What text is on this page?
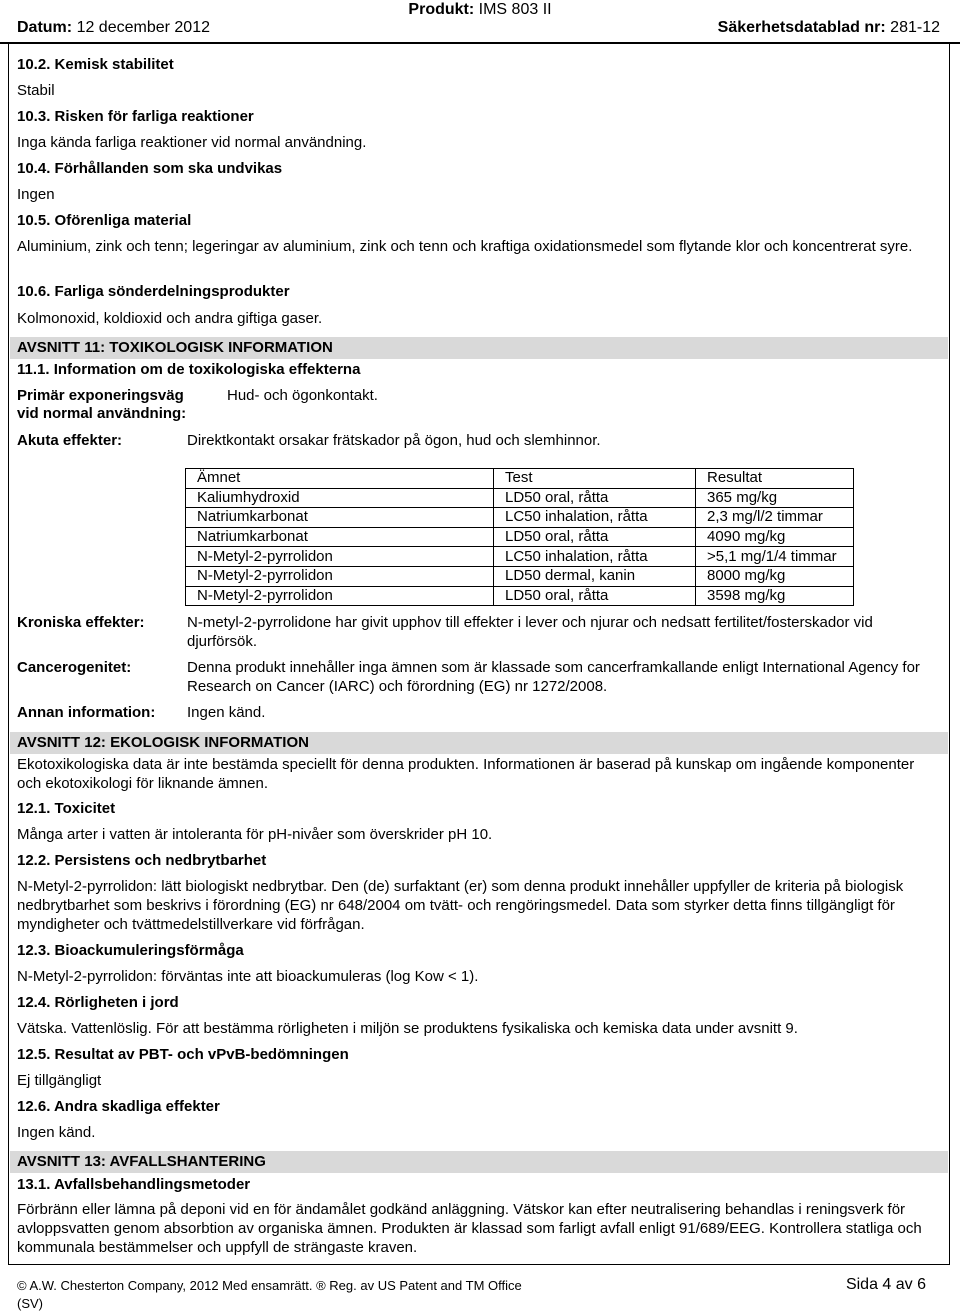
Produkt: IMS 803 II
Datum: 12 december 2012	Säkerhetsdatablad nr: 281-12
10.2. Kemisk stabilitet
Stabil
10.3. Risken för farliga reaktioner
Inga kända farliga reaktioner vid normal användning.
10.4. Förhållanden som ska undvikas
Ingen
10.5. Oförenliga material
Aluminium, zink och tenn; legeringar av aluminium, zink och tenn och kraftiga oxidationsmedel som flytande klor och koncentrerat syre.
10.6. Farliga sönderdelningsprodukter
Kolmonoxid, koldioxid och andra giftiga gaser.
AVSNITT 11: TOXIKOLOGISK INFORMATION
11.1. Information om de toxikologiska effekterna
Primär exponeringsväg
vid normal användning:
Hud- och ögonkontakt.
Akuta effekter:	Direktkontakt orsakar frätskador på ögon, hud och slemhinnor.
Ämnet	Test	Resultat
Kaliumhydroxid	LD50 oral, råtta	365 mg/kg
Natriumkarbonat	LC50 inhalation, råtta	2,3 mg/l/2 timmar
Natriumkarbonat	LD50 oral, råtta	4090 mg/kg
N-Metyl-2-pyrrolidon	LC50 inhalation, råtta	>5,1 mg/1/4 timmar
N-Metyl-2-pyrrolidon	LD50 dermal, kanin	8000 mg/kg
N-Metyl-2-pyrrolidon	LD50 oral, råtta	3598 mg/kg
Kroniska effekter:	N-metyl-2-pyrrolidone har givit upphov till effekter i lever och njurar och nedsatt fertilitet/fosterskador vid djurförsök.
Cancerogenitet:	Denna produkt innehåller inga ämnen som är klassade som cancerframkallande enligt International Agency for Research on Cancer (IARC) och förordning (EG) nr 1272/2008.
Annan information: Ingen känd.
AVSNITT 12: EKOLOGISK INFORMATION
Ekotoxikologiska data är inte bestämda speciellt för denna produkten. Informationen är baserad på kunskap om ingående komponenter och ekotoxikologi för liknande ämnen.
12.1. Toxicitet
Många arter i vatten är intoleranta för pH-nivåer som överskrider pH 10.
12.2. Persistens och nedbrytbarhet
N-Metyl-2-pyrrolidon: lätt biologiskt nedbrytbar. Den (de) surfaktant (er) som denna produkt innehåller uppfyller de kriteria på biologisk nedbrytbarhet som beskrivs i förordning (EG) nr 648/2004 om tvätt- och rengöringsmedel. Data som styrker detta finns tillgängligt för myndigheter och tvättmedelstillverkare vid förfrågan.
12.3. Bioackumuleringsförmåga
N-Metyl-2-pyrrolidon: förväntas inte att bioackumuleras (log Kow < 1).
12.4. Rörligheten i jord
Vätska. Vattenlöslig. För att bestämma rörligheten i miljön se produktens fysikaliska och kemiska data under avsnitt 9.
12.5. Resultat av PBT- och vPvB-bedömningen
Ej tillgängligt
12.6. Andra skadliga effekter
Ingen känd.
AVSNITT 13: AVFALLSHANTERING
13.1. Avfallsbehandlingsmetoder
Förbränn eller lämna på deponi vid en för ändamålet godkänd anläggning. Vätskor kan efter neutralisering behandlas i reningsverk för avloppsvatten genom absorbtion av organiska ämnen. Produkten är klassad som farligt avfall enligt 91/689/EEG. Kontrollera statliga och kommunala bestämmelser och uppfyll de strängaste kraven.
© A.W. Chesterton Company, 2012 Med ensamrätt. ® Reg. av US Patent and TM Office
(SV)
Sida 4 av 6
